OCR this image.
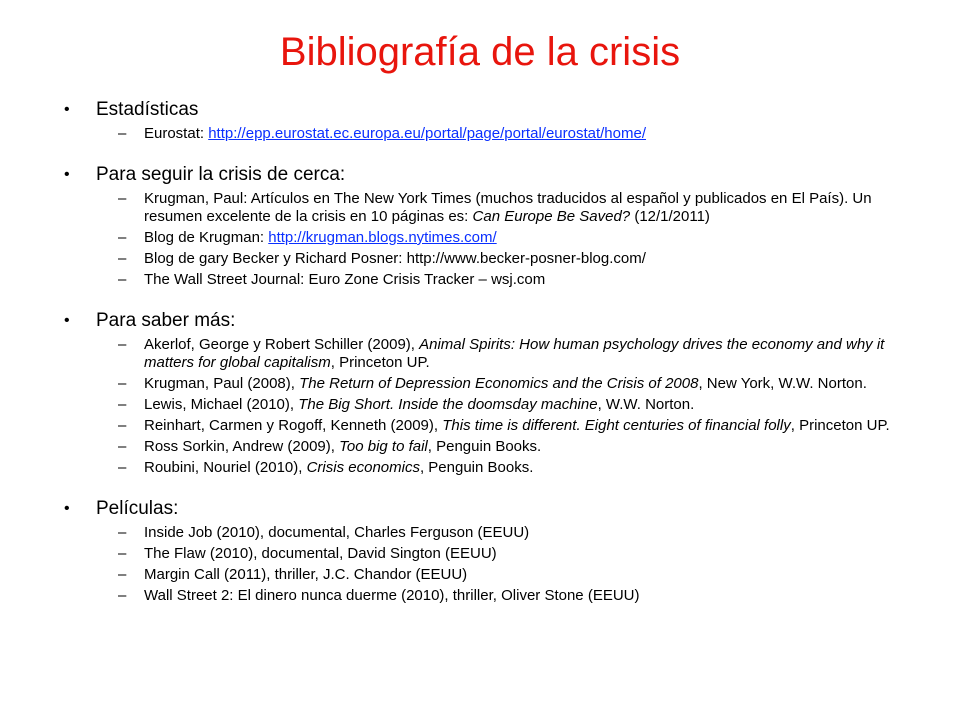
Bibliografía de la crisis
• Estadísticas
– Eurostat: http://epp.eurostat.ec.europa.eu/portal/page/portal/eurostat/home/
• Para seguir la crisis de cerca:
– Krugman, Paul: Artículos en The New York Times (muchos traducidos al español y publicados en El País). Un resumen excelente de la crisis en 10 páginas es: Can Europe Be Saved? (12/1/2011)
– Blog de Krugman: http://krugman.blogs.nytimes.com/
– Blog de gary Becker y Richard Posner: http://www.becker-posner-blog.com/
– The Wall Street Journal: Euro Zone Crisis Tracker – wsj.com
• Para saber más:
– Akerlof, George y Robert Schiller (2009), Animal Spirits: How human psychology drives the economy and why it matters for global capitalism, Princeton UP.
– Krugman, Paul (2008), The Return of Depression Economics and the Crisis of 2008, New York, W.W. Norton.
– Lewis, Michael (2010), The Big Short. Inside the doomsday machine, W.W. Norton.
– Reinhart, Carmen y Rogoff, Kenneth (2009), This time is different. Eight centuries of financial folly, Princeton UP.
– Ross Sorkin, Andrew (2009), Too big to fail, Penguin Books.
– Roubini, Nouriel (2010), Crisis economics, Penguin Books.
• Películas:
– Inside Job (2010), documental, Charles Ferguson (EEUU)
– The Flaw (2010), documental, David Sington (EEUU)
– Margin Call (2011), thriller, J.C. Chandor (EEUU)
– Wall Street 2: El dinero nunca duerme (2010), thriller, Oliver Stone (EEUU)
